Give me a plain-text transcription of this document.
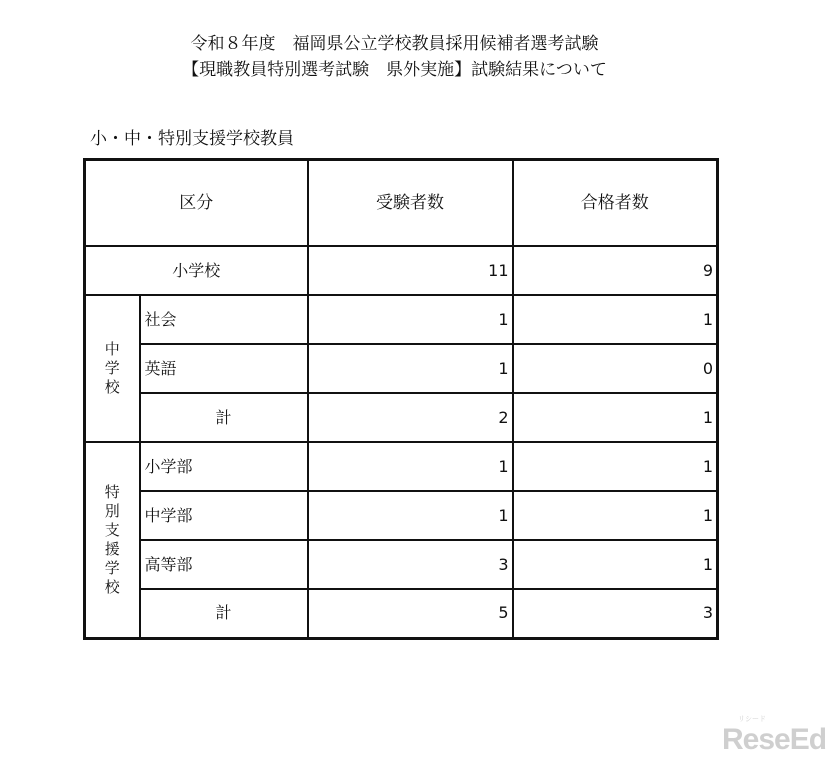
令和８年度　福岡県公立学校教員採用候補者選考試験
【現職教員特別選考試験　県外実施】試験結果について
小・中・特別支援学校教員
区分		受験者数	合格者数
小学校		11	9
中学校	社会	1	1
	英語	1	0
	計	2	1
特別支援学校	小学部	1	1
	中学部	1	1
	高等部	3	1
	計	5	3
リシード
ReseEd
